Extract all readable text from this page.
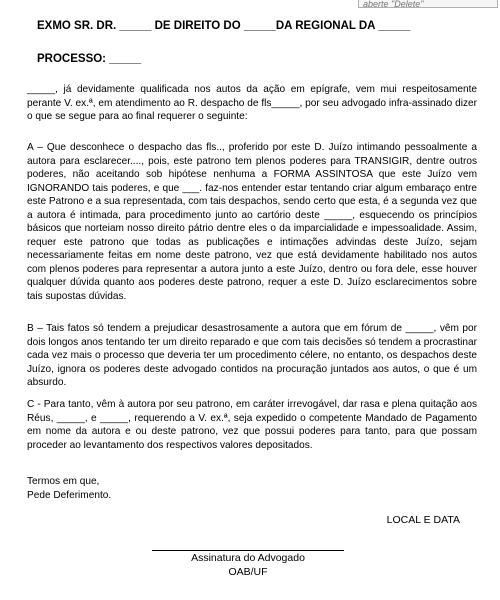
aberte "Delete"
EXMO SR. DR. _____ DE DIREITO DO _____DA REGIONAL DA _____
PROCESSO: _____
_____, já devidamente qualificada nos autos da ação em epígrafe, vem mui respeitosamente perante V. ex.ª, em atendimento ao R. despacho de fls_____, por seu advogado infra-assinado dizer o que se segue para ao final requerer o seguinte:
A – Que desconhece o despacho das fls.., proferido por este D. Juízo intimando pessoalmente a autora para esclarecer...., pois, este patrono tem plenos poderes para TRANSIGIR, dentre outros poderes, não aceitando sob hipótese nenhuma a FORMA ASSINTOSA que este Juízo vem IGNORANDO tais poderes, e que ___. faz-nos entender estar tentando criar algum embaraço entre este Patrono e a sua representada, com tais despachos, sendo certo que esta, é a segunda vez que a autora é intimada, para procedimento junto ao cartório deste _____, esquecendo os princípios básicos que norteiam nosso direito pátrio dentre eles o da imparcialidade e impessoalidade. Assim, requer este patrono que todas as publicações e intimações advindas deste Juízo, sejam necessariamente feitas em nome deste patrono, vez que está devidamente habilitado nos autos com plenos poderes para representar a autora junto a este Juízo, dentro ou fora dele, esse houver qualquer dúvida quanto aos poderes deste patrono, requer a este D. Juízo esclarecimentos sobre tais supostas dúvidas.
B – Tais fatos só tendem a prejudicar desastrosamente a autora que em fórum de _____, vêm por dois longos anos tentando ter um direito reparado e que com tais decisões só tendem a procrastinar cada vez mais o processo que deveria ter um procedimento célere, no entanto, os despachos deste Juízo, ignora os poderes deste advogado contidos na procuração juntados aos autos, o que é um absurdo.
C - Para tanto, vêm à autora por seu patrono, em caráter irrevogável, dar rasa e plena quitação aos Réus, _____, e _____, requerendo a V. ex.ª, seja expedido o competente Mandado de Pagamento em nome da autora e ou deste patrono, vez que possui poderes para tanto, para que possam proceder ao levantamento dos respectivos valores depositados.
Termos em que,
Pede Deferimento.
LOCAL E DATA
Assinatura do Advogado
OAB/UF
